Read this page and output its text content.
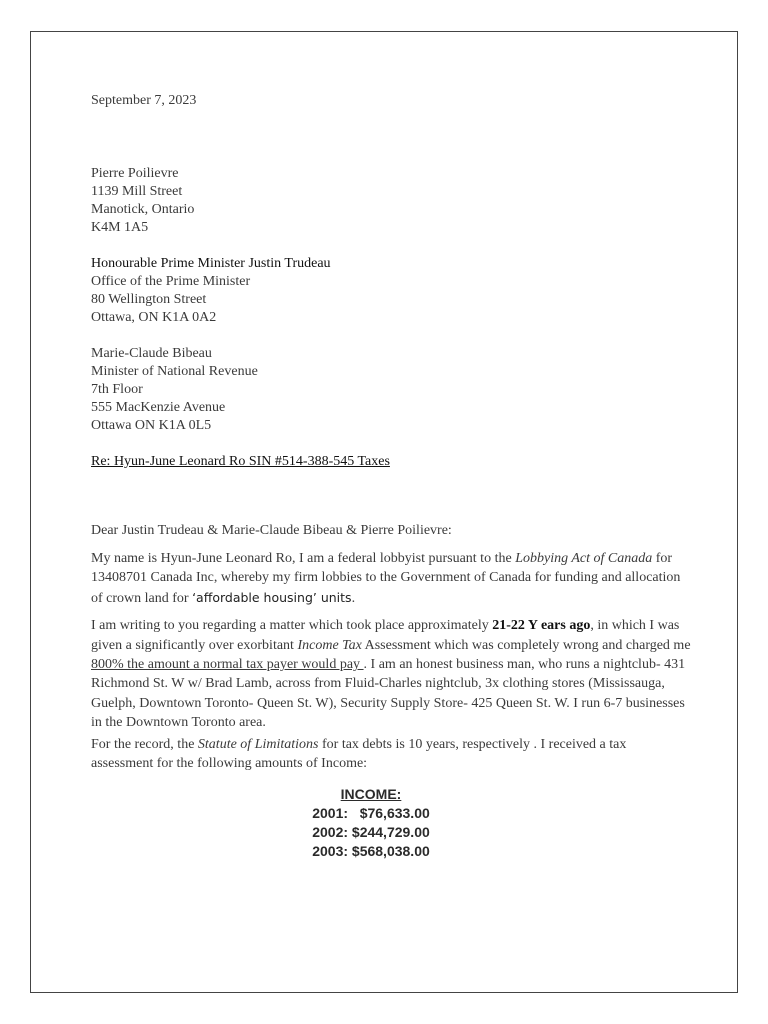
September 7, 2023
Pierre Poilievre
1139 Mill Street
Manotick, Ontario
K4M 1A5
Honourable Prime Minister Justin Trudeau
Office of the Prime Minister
80 Wellington Street
Ottawa, ON K1A 0A2
Marie-Claude Bibeau
Minister of National Revenue
7th Floor
555 MacKenzie Avenue
Ottawa ON K1A 0L5
Re: Hyun-June Leonard Ro SIN #514-388-545 Taxes
Dear Justin Trudeau & Marie-Claude Bibeau & Pierre Poilievre:

My name is Hyun-June Leonard Ro, I am a federal lobbyist pursuant to the Lobbying Act of Canada for 13408701 Canada Inc, whereby my firm lobbies to the Government of Canada for funding and allocation of crown land for ‘affordable housing’ units.

I am writing to you regarding a matter which took place approximately 21-22 Y ears ago, in which I was given a significantly over exorbitant Income Tax Assessment which was completely wrong and charged me 800% the amount a normal tax payer would pay . I am an honest business man, who runs a nightclub- 431 Richmond St. W w/ Brad Lamb, across from Fluid-Charles nightclub, 3x clothing stores (Mississauga, Guelph, Downtown Toronto- Queen St. W), Security Supply Store- 425 Queen St. W. I run 6-7 businesses in the Downtown Toronto area.

For the record, the Statute of Limitations for tax debts is 10 years, respectively . I received a tax assessment for the following amounts of Income:

INCOME:
2001:   $76,633.00
2002: $244,729.00
2003: $568,038.00
